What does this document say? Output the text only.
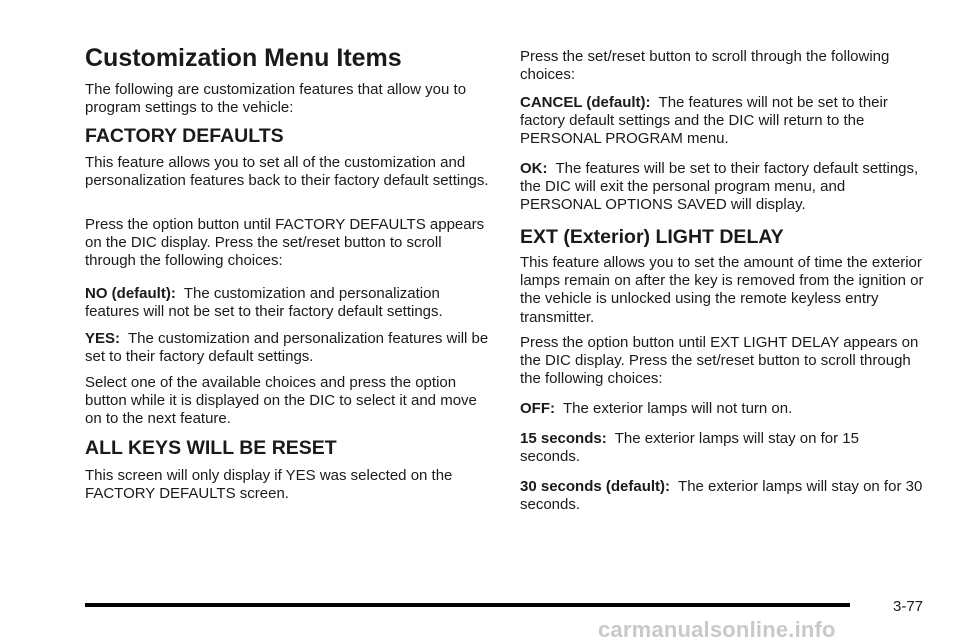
Customization Menu Items

The following are customization features that allow you to program settings to the vehicle:

FACTORY DEFAULTS

This feature allows you to set all of the customization and personalization features back to their factory default settings.

Press the option button until FACTORY DEFAULTS appears on the DIC display. Press the set/reset button to scroll through the following choices:

NO (default): The customization and personalization features will not be set to their factory default settings.

YES: The customization and personalization features will be set to their factory default settings.

Select one of the available choices and press the option button while it is displayed on the DIC to select it and move on to the next feature.

ALL KEYS WILL BE RESET

This screen will only display if YES was selected on the FACTORY DEFAULTS screen.

Press the set/reset button to scroll through the following choices:

CANCEL (default): The features will not be set to their factory default settings and the DIC will return to the PERSONAL PROGRAM menu.

OK: The features will be set to their factory default settings, the DIC will exit the personal program menu, and PERSONAL OPTIONS SAVED will display.

EXT (Exterior) LIGHT DELAY

This feature allows you to set the amount of time the exterior lamps remain on after the key is removed from the ignition or the vehicle is unlocked using the remote keyless entry transmitter.

Press the option button until EXT LIGHT DELAY appears on the DIC display. Press the set/reset button to scroll through the following choices:

OFF: The exterior lamps will not turn on.

15 seconds: The exterior lamps will stay on for 15 seconds.

30 seconds (default): The exterior lamps will stay on for 30 seconds.

3-77
carmanualsonline.info
